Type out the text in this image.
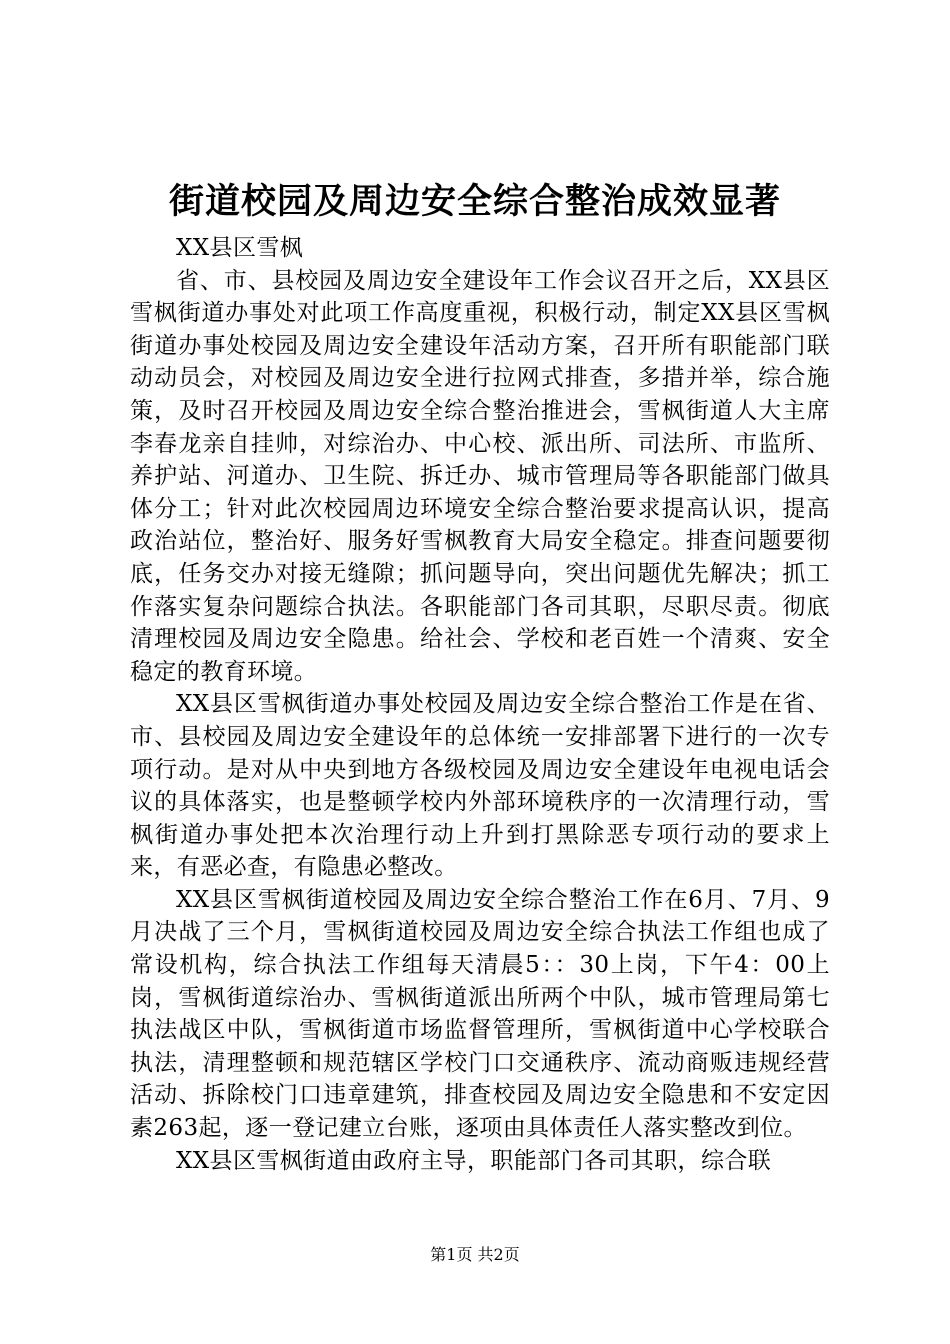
街道校园及周边安全综合整治成效显著

XX县区雪枫

省、市、县校园及周边安全建设年工作会议召开之后，XX县区雪枫街道办事处对此项工作高度重视，积极行动，制定XX县区雪枫街道办事处校园及周边安全建设年活动方案，召开所有职能部门联动动员会，对校园及周边安全进行拉网式排查，多措并举，综合施策，及时召开校园及周边安全综合整治推进会，雪枫街道人大主席李春龙亲自挂帅，对综治办、中心校、派出所、司法所、市监所、养护站、河道办、卫生院、拆迁办、城市管理局等各职能部门做具体分工；针对此次校园周边环境安全综合整治要求提高认识，提高政治站位，整治好、服务好雪枫教育大局安全稳定。排查问题要彻底，任务交办对接无缝隙；抓问题导向，突出问题优先解决；抓工作落实复杂问题综合执法。各职能部门各司其职，尽职尽责。彻底清理校园及周边安全隐患。给社会、学校和老百姓一个清爽、安全稳定的教育环境。

XX县区雪枫街道办事处校园及周边安全综合整治工作是在省、市、县校园及周边安全建设年的总体统一安排部署下进行的一次专项行动。是对从中央到地方各级校园及周边安全建设年电视电话会议的具体落实，也是整顿学校内外部环境秩序的一次清理行动，雪枫街道办事处把本次治理行动上升到打黑除恶专项行动的要求上来，有恶必查，有隐患必整改。

XX县区雪枫街道校园及周边安全综合整治工作在6月、7月、9月决战了三个月，雪枫街道校园及周边安全综合执法工作组也成了常设机构，综合执法工作组每天清晨5：：30上岗，下午4：00上岗，雪枫街道综治办、雪枫街道派出所两个中队，城市管理局第七执法战区中队，雪枫街道市场监督管理所，雪枫街道中心学校联合执法，清理整顿和规范辖区学校门口交通秩序、流动商贩违规经营活动、拆除校门口违章建筑，排查校园及周边安全隐患和不安定因素263起，逐一登记建立台账，逐项由具体责任人落实整改到位。

XX县区雪枫街道由政府主导，职能部门各司其职，综合联

第1页 共2页
